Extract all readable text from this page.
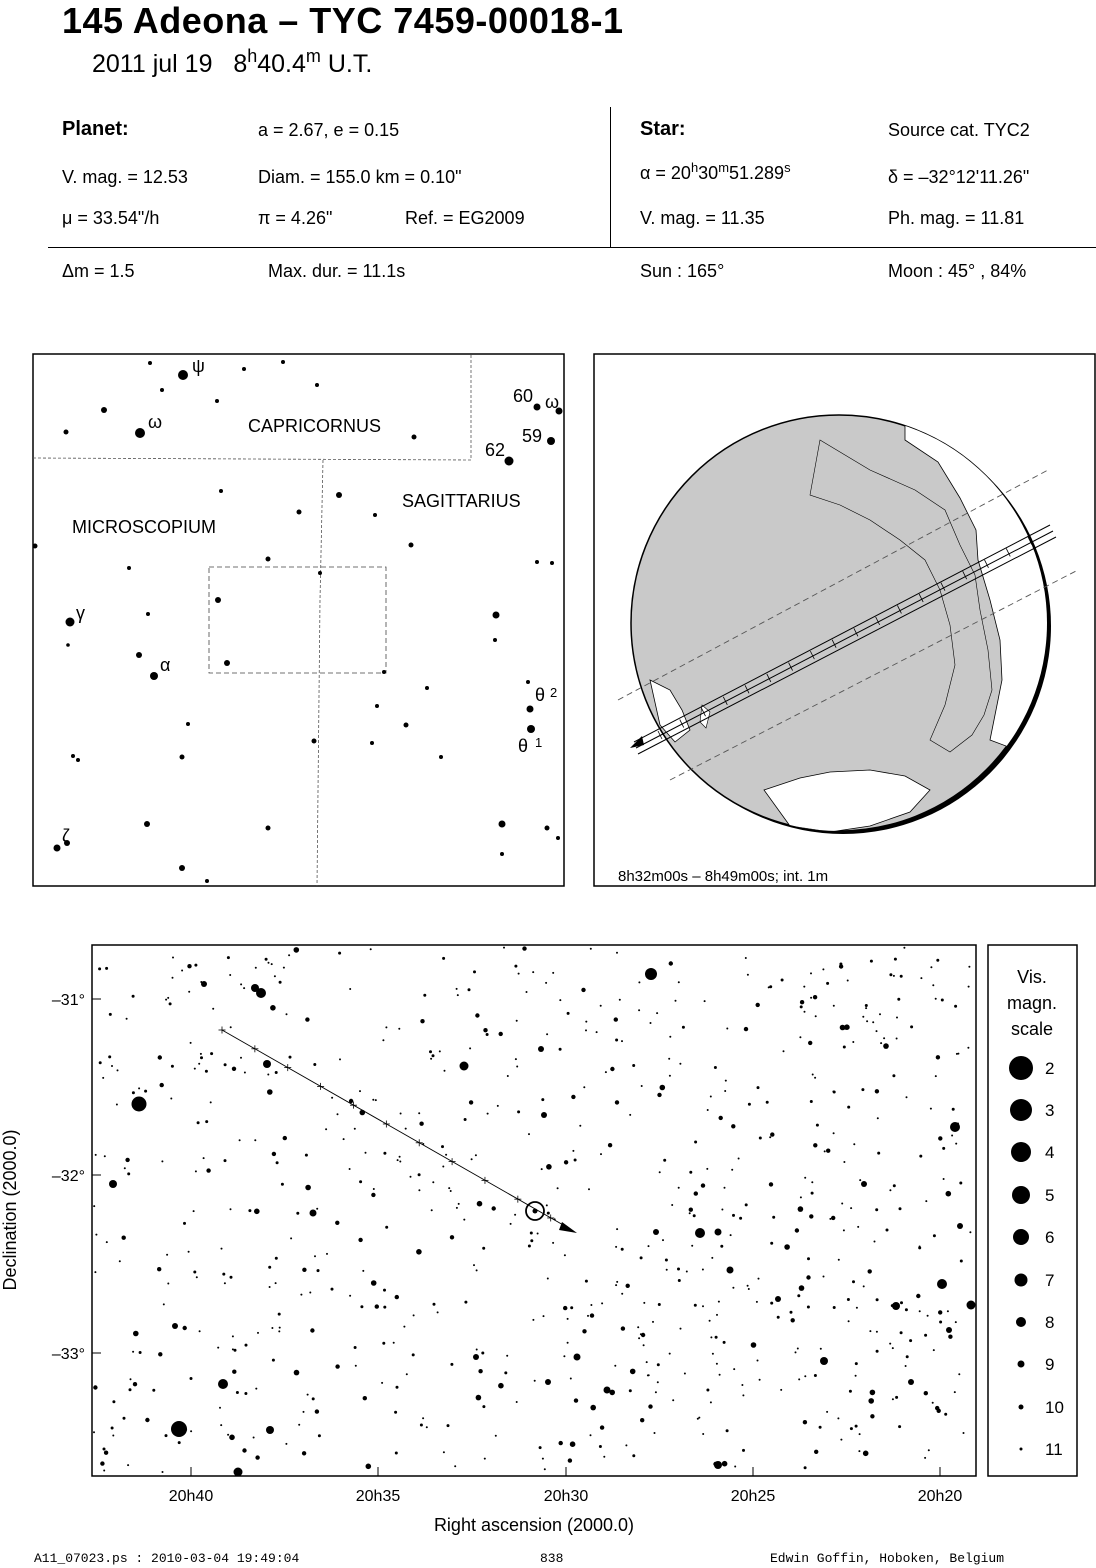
145 Adeona – TYC 7459-00018-1
2011 jul 19 8$^h$40.4$^m$ U.T.
Planet:	a = 2.67, e = 0.15
V. mag. = 12.53	Diam. = 155.0 km = 0.10"
μ = 33.54"/h	π = 4.26"	Ref. = EG2009
Star:	Source cat. TYC2
$\alpha = 20^h30^m51.289^s$	δ = –32°12'11.26"
V. mag. = 11.35	Ph. mag. = 11.81
Δm = 1.5	Max. dur. = 11.1s	Sun : 165°	Moon : 45° , 84%
CAPRICORNUS
SAGITTARIUS
MICROSCOPIUM
ψ
ω
60 ω
59
62
γ
α
θ 2
θ 1
ζ
8h32m00s – 8h49m00s; int. 1m
–31°
–32°
–33°
20h40	20h35	20h30	20h25	20h20
Right ascension (2000.0)
Declination (2000.0)
Vis.
magn.
scale
2
3
4
5
6
7
8
9
10
11
A11_07023.ps : 2010-03-04 19:49:04	838	Edwin Goffin, Hoboken, Belgium
